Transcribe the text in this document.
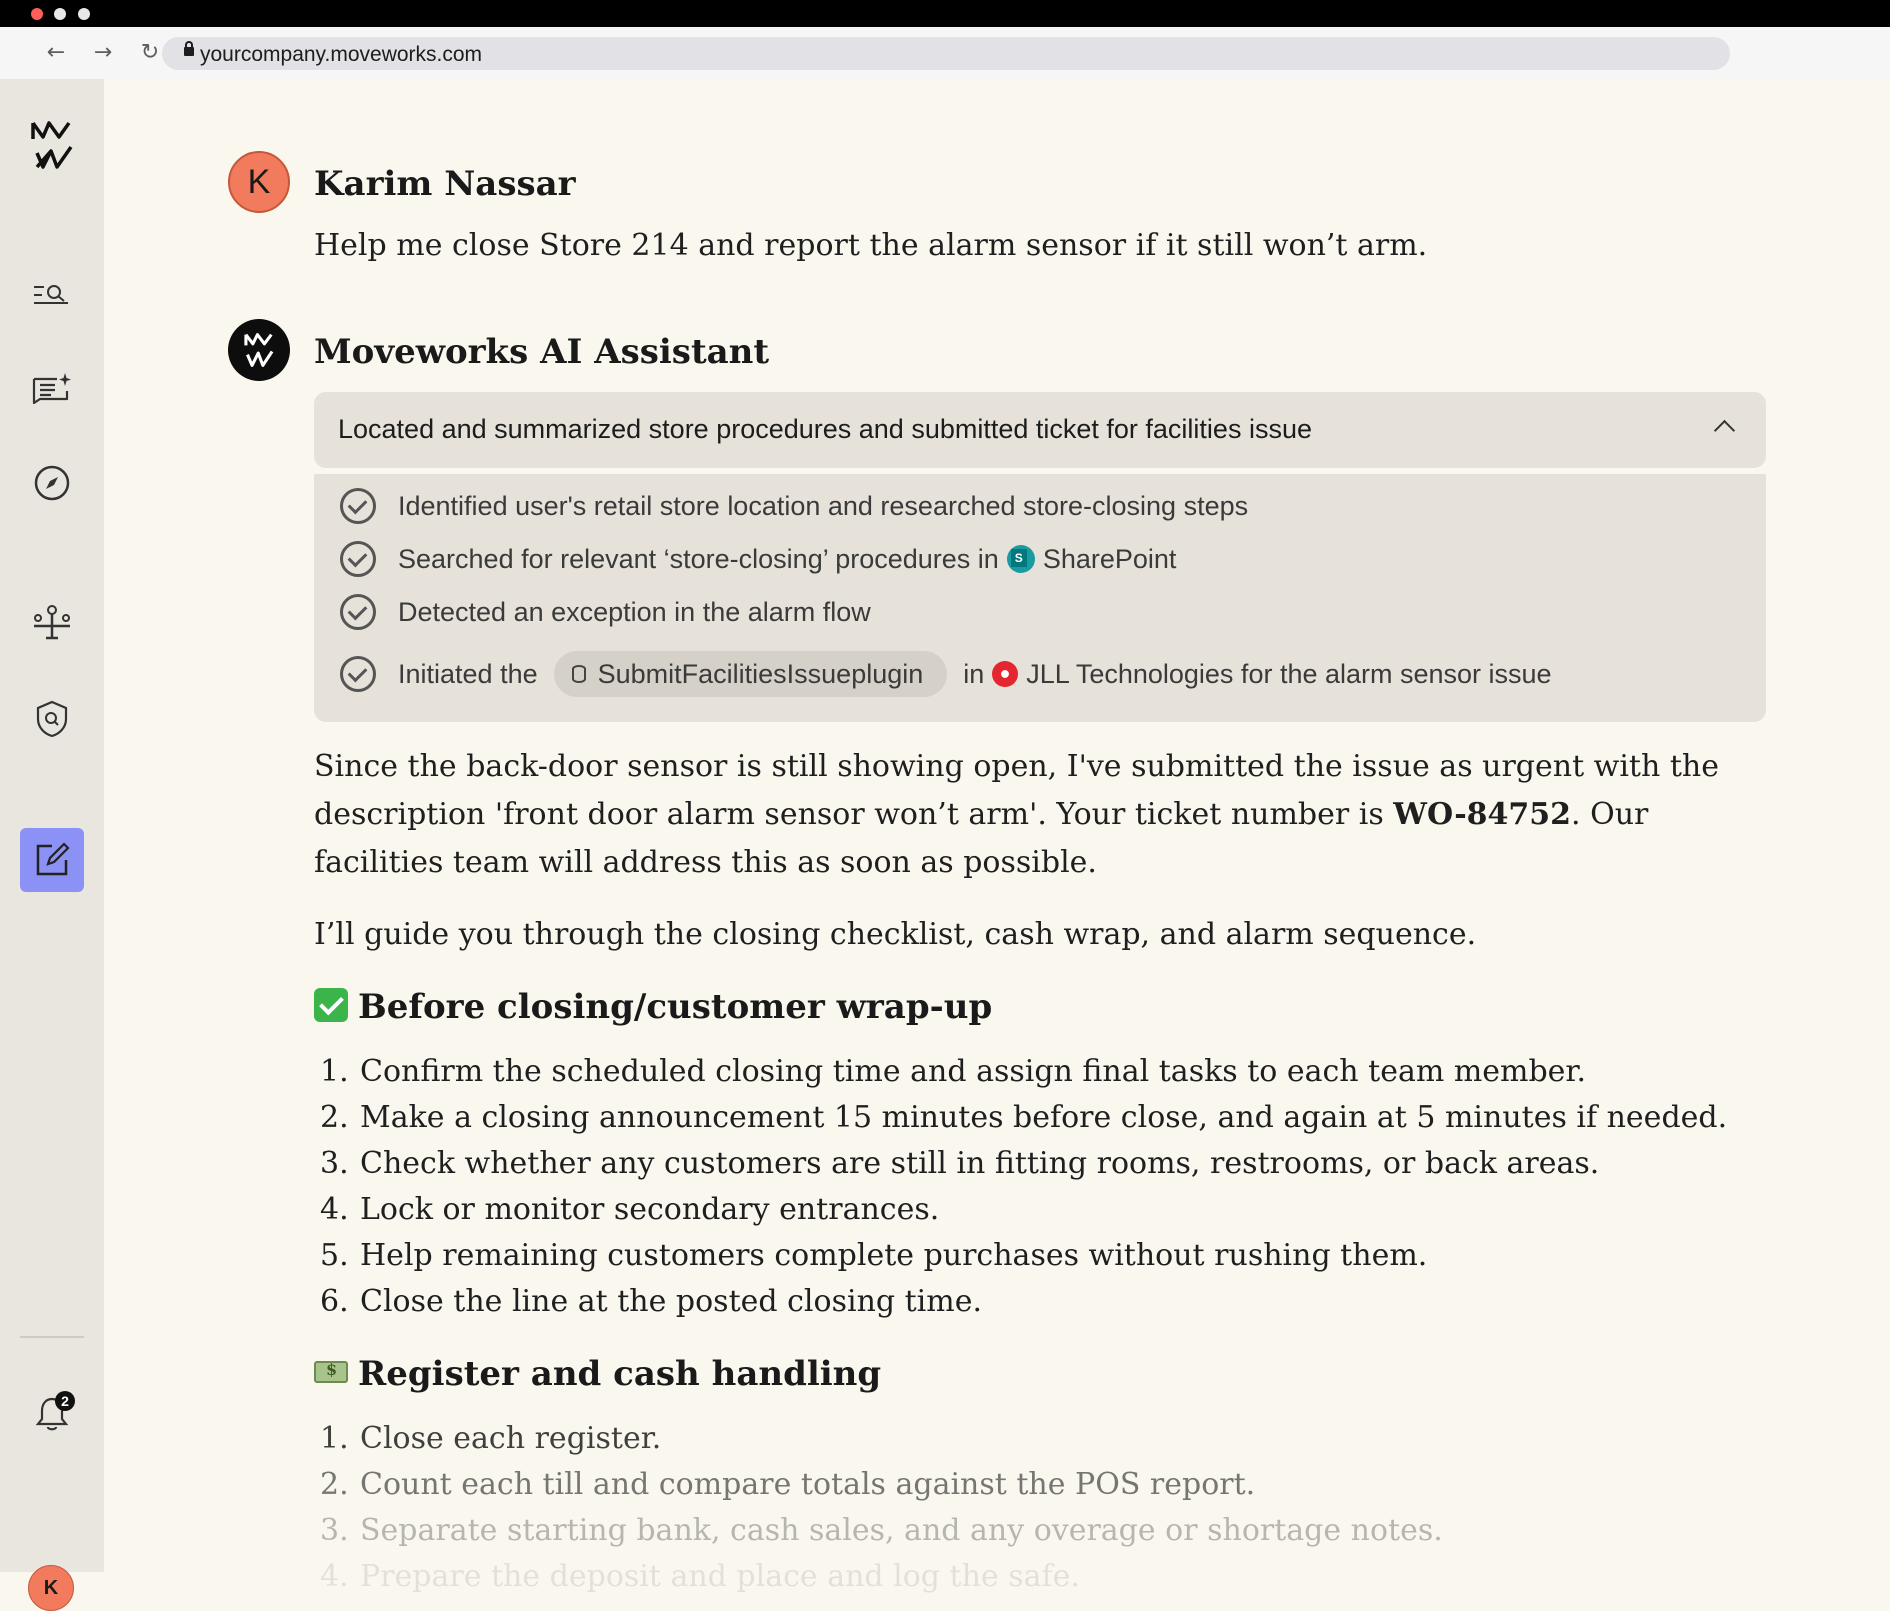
←	→	↻	yourcompany.moveworks.com
2
K
K	Karim Nassar
Help me close Store 214 and report the alarm sensor if it still won’t arm.
Moveworks AI Assistant
Located and summarized store procedures and submitted ticket for facilities issue
Identified user's retail store location and researched store-closing steps
Searched for relevant ‘store-closing’ procedures in
S SharePoint
Detected an exception in the alarm flow
Initiated the SubmitFacilitiesIssueplugin in JLL Technologies for the alarm sensor issue
Since the back-door sensor is still showing open, I've submitted the issue as urgent with the description 'front door alarm sensor won’t arm'. Your ticket number is WO-84752. Our facilities team will address this as soon as possible.
I’ll guide you through the closing checklist, cash wrap, and alarm sequence.
Before closing/customer wrap-up
1. Confirm the scheduled closing time and assign final tasks to each team member.
2. Make a closing announcement 15 minutes before close, and again at 5 minutes if needed.
3. Check whether any customers are still in fitting rooms, restrooms, or back areas.
4. Lock or monitor secondary entrances.
5. Help remaining customers complete purchases without rushing them.
6. Close the line at the posted closing time.
$Register and cash handling
1. Close each register.
2. Count each till and compare totals against the POS report.
3. Separate starting bank, cash sales, and any overage or shortage notes.
4. Prepare the deposit and place and log the safe.
